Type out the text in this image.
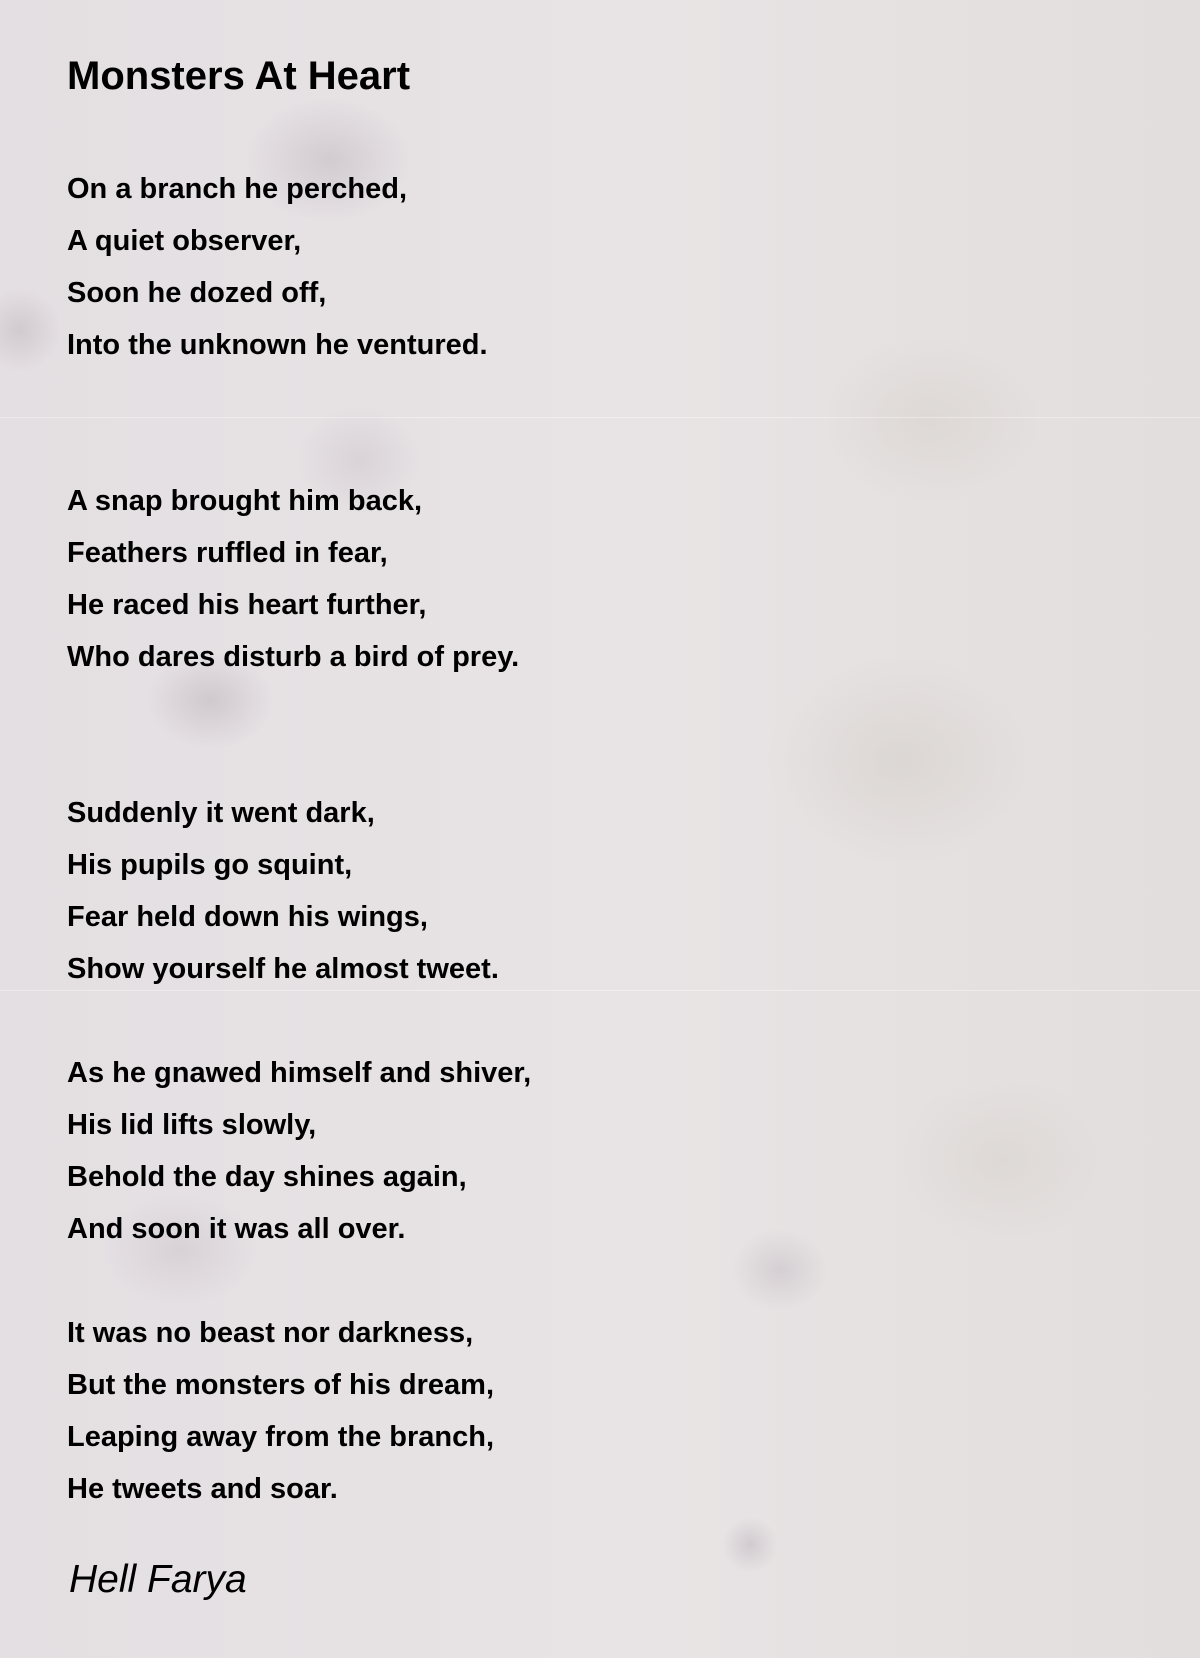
Monsters At Heart
On a branch he perched,
A quiet observer,
Soon he dozed off,
Into the unknown he ventured.
A snap brought him back,
Feathers ruffled in fear,
He raced his heart further,
Who dares disturb a bird of prey.
Suddenly it went dark,
His pupils go squint,
Fear held down his wings,
Show yourself he almost tweet.
As he gnawed himself and shiver,
His lid lifts slowly,
Behold the day shines again,
And soon it was all over.
It was no beast nor darkness,
But the monsters of his dream,
Leaping away from the branch,
He tweets and soar.
Hell Farya
